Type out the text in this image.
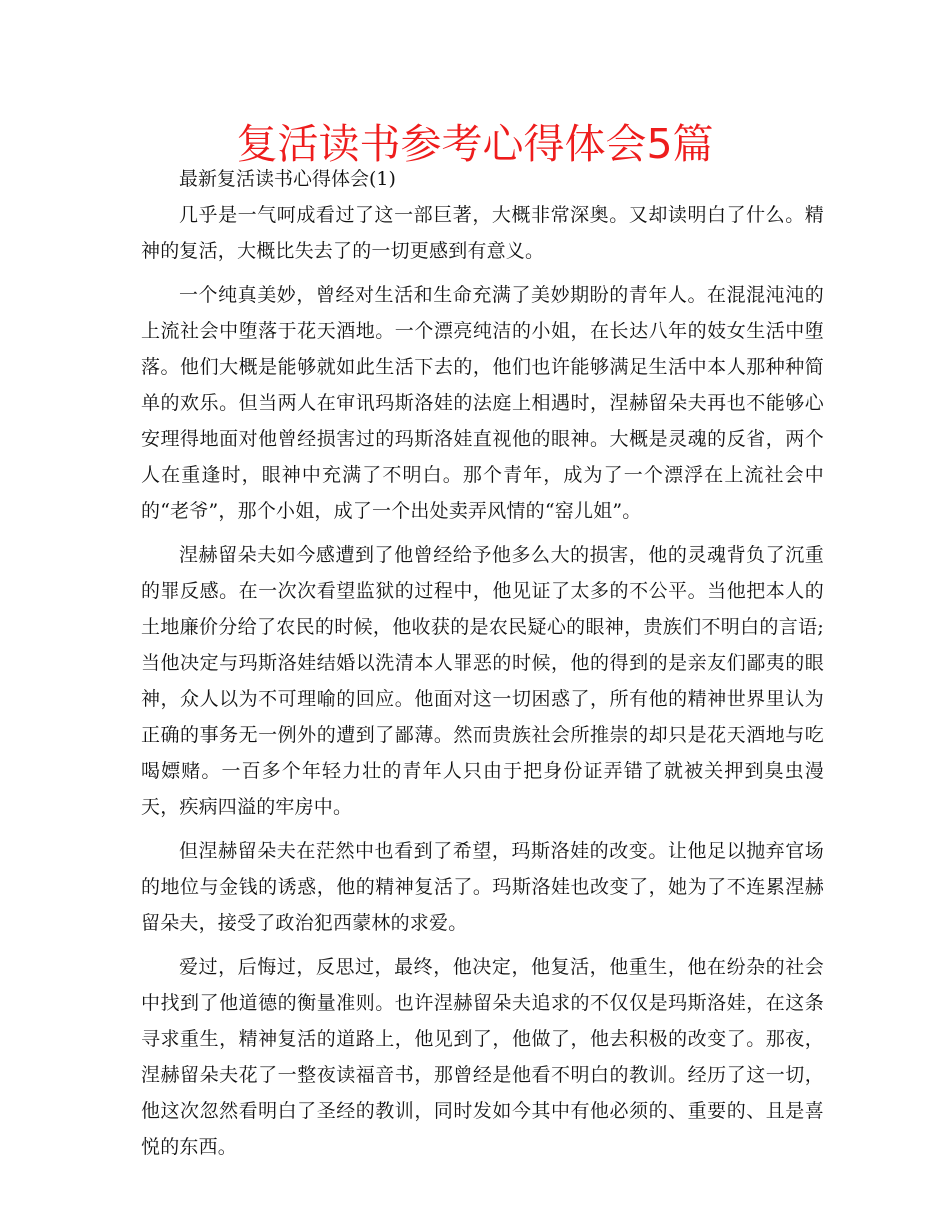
复活读书参考心得体会5篇

最新复活读书心得体会(1)

几乎是一气呵成看过了这一部巨著，大概非常深奥。又却读明白了什么。精神的复活，大概比失去了的一切更感到有意义。

一个纯真美妙，曾经对生活和生命充满了美妙期盼的青年人。在混混沌沌的上流社会中堕落于花天酒地。一个漂亮纯洁的小姐，在长达八年的妓女生活中堕落。他们大概是能够就如此生活下去的，他们也许能够满足生活中本人那种种简单的欢乐。但当两人在审讯玛斯洛娃的法庭上相遇时，涅赫留朵夫再也不能够心安理得地面对他曾经损害过的玛斯洛娃直视他的眼神。大概是灵魂的反省，两个人在重逢时，眼神中充满了不明白。那个青年，成为了一个漂浮在上流社会中的“老爷”，那个小姐，成了一个出处卖弄风情的“窑儿姐”。

涅赫留朵夫如今感遭到了他曾经给予他多么大的损害，他的灵魂背负了沉重的罪反感。在一次次看望监狱的过程中，他见证了太多的不公平。当他把本人的土地廉价分给了农民的时候，他收获的是农民疑心的眼神，贵族们不明白的言语;当他决定与玛斯洛娃结婚以洗清本人罪恶的时候，他的得到的是亲友们鄙夷的眼神，众人以为不可理喻的回应。他面对这一切困惑了，所有他的精神世界里认为正确的事务无一例外的遭到了鄙薄。然而贵族社会所推崇的却只是花天酒地与吃喝嫖赌。一百多个年轻力壮的青年人只由于把身份证弄错了就被关押到臭虫漫天，疾病四溢的牢房中。

但涅赫留朵夫在茫然中也看到了希望，玛斯洛娃的改变。让他足以抛弃官场的地位与金钱的诱惑，他的精神复活了。玛斯洛娃也改变了，她为了不连累涅赫留朵夫，接受了政治犯西蒙林的求爱。

爱过，后悔过，反思过，最终，他决定，他复活，他重生，他在纷杂的社会中找到了他道德的衡量准则。也许涅赫留朵夫追求的不仅仅是玛斯洛娃，在这条寻求重生，精神复活的道路上，他见到了，他做了，他去积极的改变了。那夜，涅赫留朵夫花了一整夜读福音书，那曾经是他看不明白的教训。经历了这一切，他这次忽然看明白了圣经的教训，同时发如今其中有他必须的、重要的、且是喜悦的东西。
